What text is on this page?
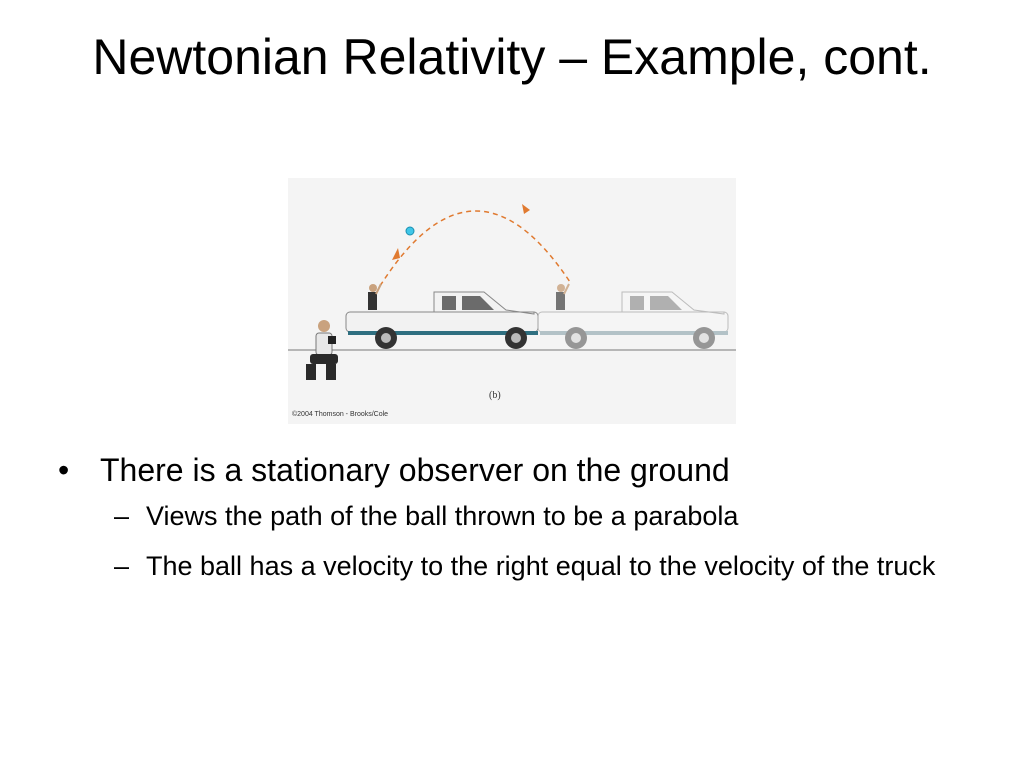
Newtonian Relativity – Example, cont.
(b)
©2004 Thomson - Brooks/Cole
• There is a stationary observer on the ground
– Views the path of the ball thrown to be a parabola
– The ball has a velocity to the right equal to the velocity of the truck
